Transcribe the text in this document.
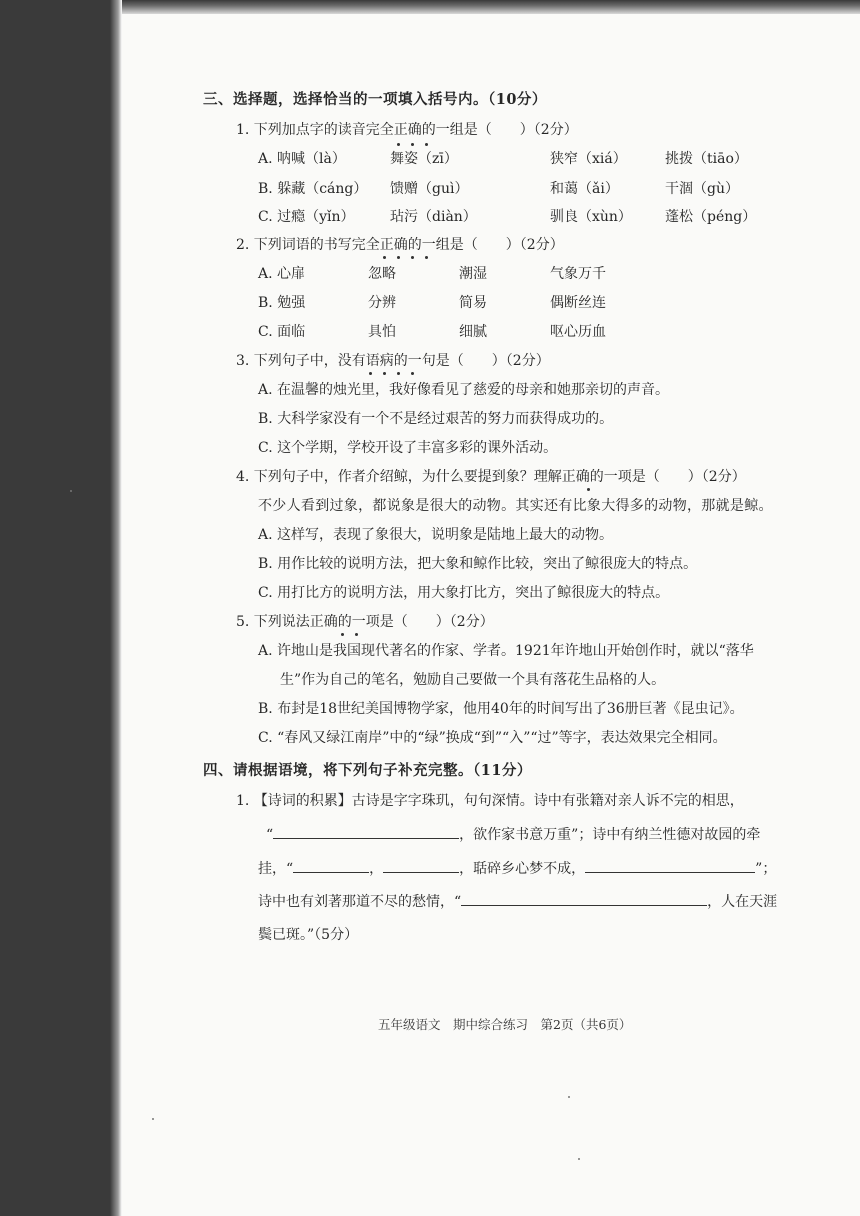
三、选择题，选择恰当的一项填入括号内。（10分）
1. 下列加点字的读音完全正确的一组是（　　）（2分）
A. 呐喊（là）	舞姿（zī）	狭窄（xiá）	挑拨（tiāo）
B. 躲藏（cáng） 馈赠（guì）	和蔼（ǎi）	干涸（gù）
C. 过瘾（yǐn）	玷污（diàn）	驯良（xùn） 蓬松（péng）
2. 下列词语的书写完全正确的一组是（　　）（2分）
A. 心扉	忽略	潮湿	气象万千
B. 勉强	分辨	简易	偶断丝连
C. 面临	具怕	细腻	呕心历血
3. 下列句子中，没有语病的一句是（　　）（2分）
A. 在温馨的烛光里，我好像看见了慈爱的母亲和她那亲切的声音。
B. 大科学家没有一个不是经过艰苦的努力而获得成功的。
C. 这个学期，学校开设了丰富多彩的课外活动。
4. 下列句子中，作者介绍鲸，为什么要提到象？理解正确的一项是（　　）（2分）
不少人看到过象，都说象是很大的动物。其实还有比象大得多的动物，那就是鲸。
A. 这样写，表现了象很大，说明象是陆地上最大的动物。
B. 用作比较的说明方法，把大象和鲸作比较，突出了鲸很庞大的特点。
C. 用打比方的说明方法，用大象打比方，突出了鲸很庞大的特点。
5. 下列说法正确的一项是（　　）（2分）
A. 许地山是我国现代著名的作家、学者。1921年许地山开始创作时，就以“落华
生”作为自己的笔名，勉励自己要做一个具有落花生品格的人。
B. 布封是18世纪美国博物学家，他用40年的时间写出了36册巨著《昆虫记》。
C. “春风又绿江南岸”中的“绿”换成“到”“入”“过”等字，表达效果完全相同。
四、请根据语境，将下列句子补充完整。（11分）
1. 【诗词的积累】古诗是字字珠玑，句句深情。诗中有张籍对亲人诉不完的相思，
“	，欲作家书意万重”；诗中有纳兰性德对故园的牵
挂，“	，	，聒碎乡心梦不成，	”；
诗中也有刘著那道不尽的愁情，“	，人在天涯
鬓已斑。”（5分）
五年级语文　期中综合练习　第2页（共6页）
